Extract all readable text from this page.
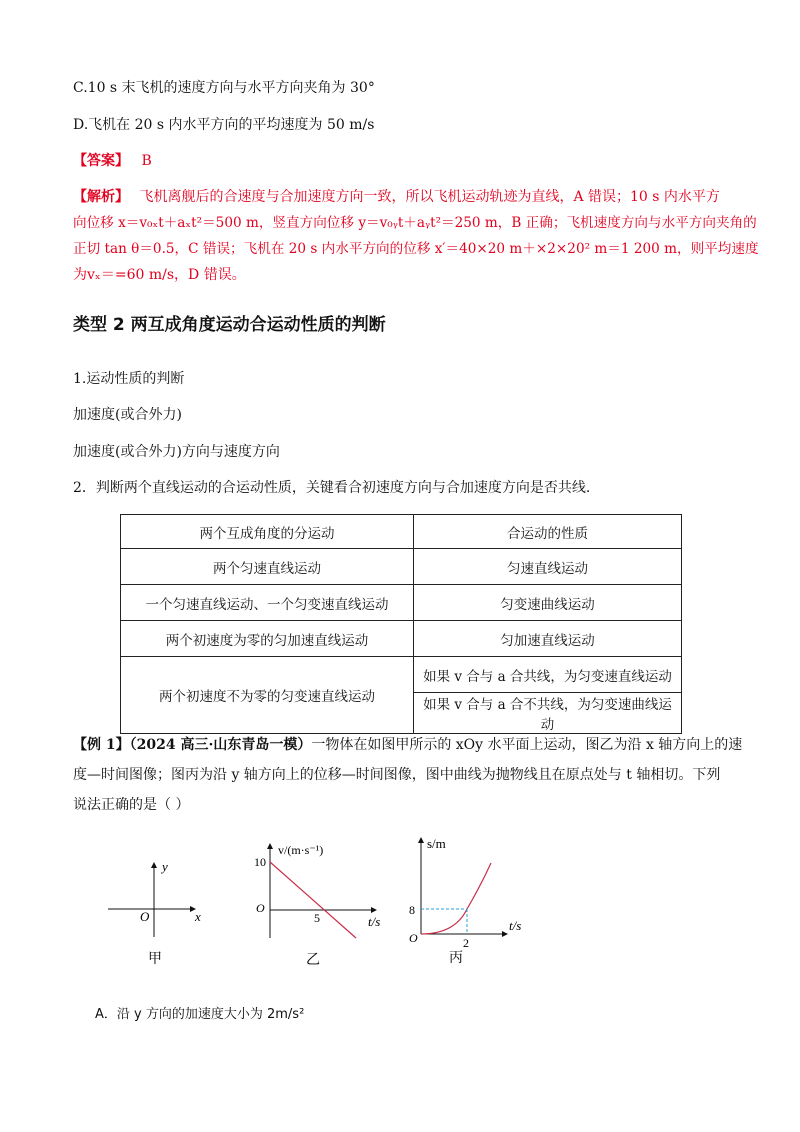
C.10 s 末飞机的速度方向与水平方向夹角为 30°
D.飞机在 20 s 内水平方向的平均速度为 50 m/s
【答案】 B
【解析】 飞机离舰后的合速度与合加速度方向一致，所以飞机运动轨迹为直线，A 错误；10 s 内水平方
向位移 x＝v₀ₓt＋aₓt²＝500 m，竖直方向位移 y＝v₀ᵧt＋aᵧt²＝250 m，B 正确；飞机速度方向与水平方向夹角的
正切 tan θ＝0.5，C 错误；飞机在 20 s 内水平方向的位移 x′＝40×20 m＋×2×20² m＝1 200 m，则平均速度
为vₓ＝=60 m/s，D 错误。
类型 2 两互成角度运动合运动性质的判断
1.运动性质的判断
加速度(或合外力)
加速度(或合外力)方向与速度方向
2．判断两个直线运动的合运动性质，关键看合初速度方向与合加速度方向是否共线.
两个互成角度的分运动	合运动的性质
两个匀速直线运动	匀速直线运动
一个匀速直线运动、一个匀变速直线运动	匀变速曲线运动
两个初速度为零的匀加速直线运动	匀加速直线运动
两个初速度不为零的匀变速直线运动	如果 v 合与 a 合共线，为匀变速直线运动
	如果 v 合与 a 合不共线，为匀变速曲线运动
【例 1】（2024 高三·山东青岛一模）一物体在如图甲所示的 xOy 水平面上运动，图乙为沿 x 轴方向上的速
度—时间图像；图丙为沿 y 轴方向上的位移—时间图像，图中曲线为抛物线且在原点处与 t 轴相切。下列
说法正确的是（ ）
y
x
O
甲
v/(m·s⁻¹)
t/s
10
O
5
乙
s/m
t/s
8
O	2
丙
A．沿 y 方向的加速度大小为 2m/s²
